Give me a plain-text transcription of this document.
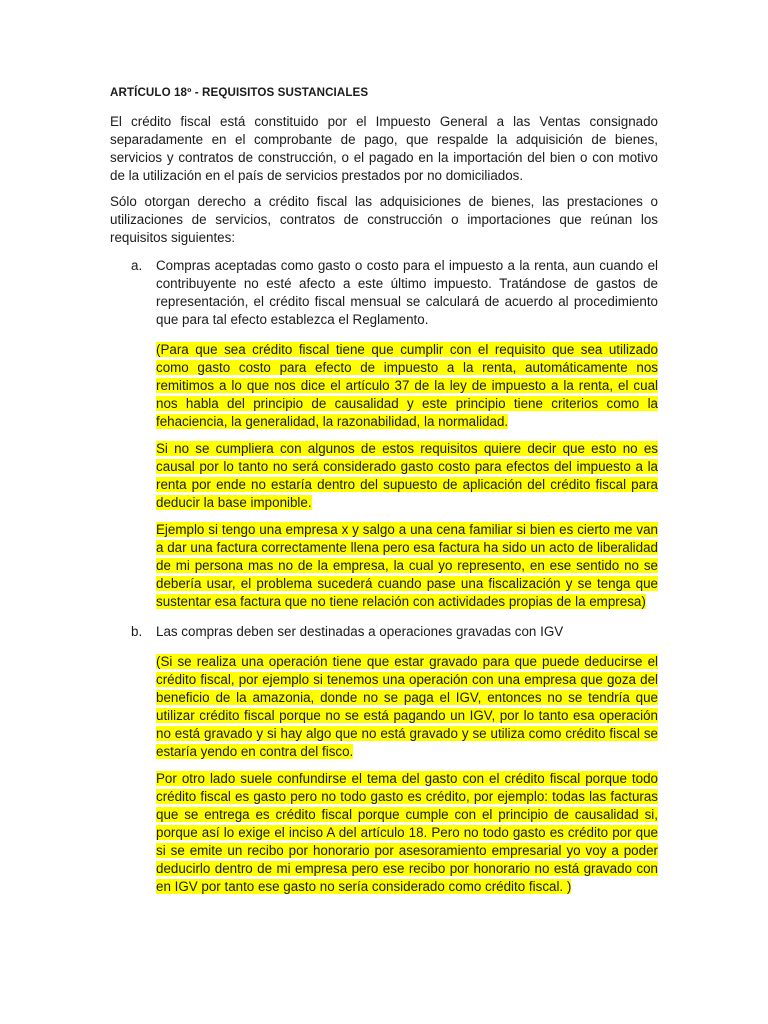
ARTÍCULO 18º - REQUISITOS SUSTANCIALES

El crédito fiscal está constituido por el Impuesto General a las Ventas consignado separadamente en el comprobante de pago, que respalde la adquisición de bienes, servicios y contratos de construcción, o el pagado en la importación del bien o con motivo de la utilización en el país de servicios prestados por no domiciliados.

Sólo otorgan derecho a crédito fiscal las adquisiciones de bienes, las prestaciones o utilizaciones de servicios, contratos de construcción o importaciones que reúnan los requisitos siguientes:

a. Compras aceptadas como gasto o costo para el impuesto a la renta, aun cuando el contribuyente no esté afecto a este último impuesto. Tratándose de gastos de representación, el crédito fiscal mensual se calculará de acuerdo al procedimiento que para tal efecto establezca el Reglamento.

(Para que sea crédito fiscal tiene que cumplir con el requisito que sea utilizado como gasto costo para efecto de impuesto a la renta, automáticamente nos remitimos a lo que nos dice el artículo 37 de la ley de impuesto a la renta, el cual nos habla del principio de causalidad y este principio tiene criterios como la fehaciencia, la generalidad, la razonabilidad, la normalidad.

Si no se cumpliera con algunos de estos requisitos quiere decir que esto no es causal por lo tanto no será considerado gasto costo para efectos del impuesto a la renta por ende no estaría dentro del supuesto de aplicación del crédito fiscal para deducir la base imponible.

Ejemplo si tengo una empresa x y salgo a una cena familiar si bien es cierto me van a dar una factura correctamente llena pero esa factura ha sido un acto de liberalidad de mi persona mas no de la empresa, la cual yo represento, en ese sentido no se debería usar, el problema sucederá cuando pase una fiscalización y se tenga que sustentar esa factura que no tiene relación con actividades propias de la empresa)

b. Las compras deben ser destinadas a operaciones gravadas con IGV

(Si se realiza una operación tiene que estar gravado para que puede deducirse el crédito fiscal, por ejemplo si tenemos una operación con una empresa que goza del beneficio de la amazonia, donde no se paga el IGV, entonces no se tendría que utilizar crédito fiscal porque no se está pagando un IGV, por lo tanto esa operación no está gravado y si hay algo que no está gravado y se utiliza como crédito fiscal se estaría yendo en contra del fisco.

Por otro lado suele confundirse el tema del gasto con el crédito fiscal porque todo crédito fiscal es gasto pero no todo gasto es crédito, por ejemplo: todas las facturas que se entrega es crédito fiscal porque cumple con el principio de causalidad si, porque así lo exige el inciso A del artículo 18. Pero no todo gasto es crédito por que si se emite un recibo por honorario por asesoramiento empresarial yo voy a poder deducirlo dentro de mi empresa pero ese recibo por honorario no está gravado con en IGV por tanto ese gasto no sería considerado como crédito fiscal. )
